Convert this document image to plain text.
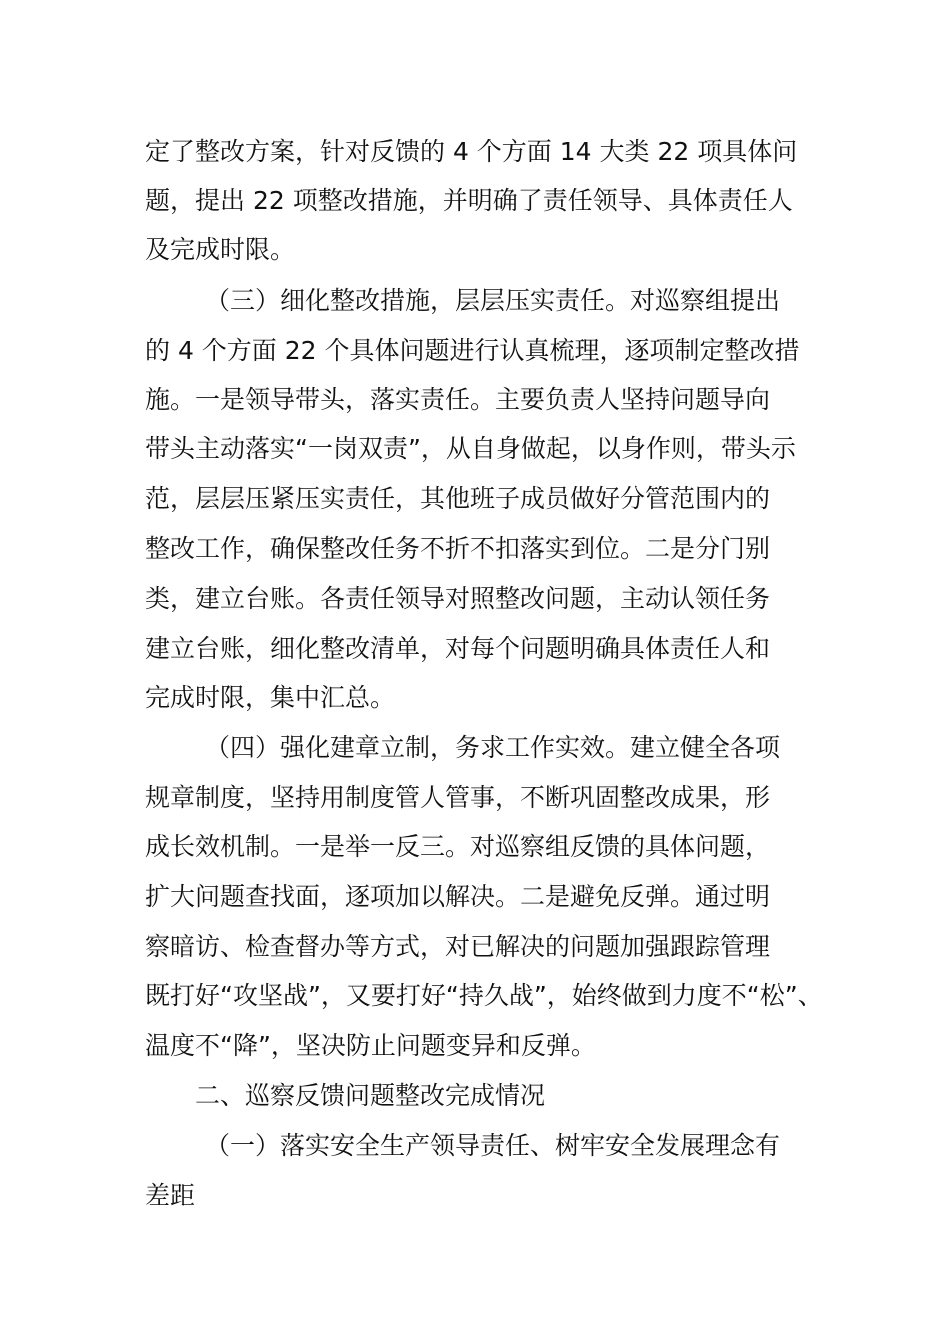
定了整改方案，针对反馈的 4 个方面 14 大类 22 项具体问
题，提出 22 项整改措施，并明确了责任领导、具体责任人
及完成时限。
（三）细化整改措施，层层压实责任。对巡察组提出
的 4 个方面 22 个具体问题进行认真梳理，逐项制定整改措
施。一是领导带头，落实责任。主要负责人坚持问题导向
带头主动落实“一岗双责”，从自身做起，以身作则，带头示
范，层层压紧压实责任，其他班子成员做好分管范围内的
整改工作，确保整改任务不折不扣落实到位。二是分门别
类，建立台账。各责任领导对照整改问题，主动认领任务
建立台账，细化整改清单，对每个问题明确具体责任人和
完成时限，集中汇总。
（四）强化建章立制，务求工作实效。建立健全各项
规章制度，坚持用制度管人管事，不断巩固整改成果，形
成长效机制。一是举一反三。对巡察组反馈的具体问题，
扩大问题查找面，逐项加以解决。二是避免反弹。通过明
察暗访、检查督办等方式，对已解决的问题加强跟踪管理
既打好“攻坚战”，又要打好“持久战”，始终做到力度不“松”、
温度不“降”，坚决防止问题变异和反弹。
二、巡察反馈问题整改完成情况
（一）落实安全生产领导责任、树牢安全发展理念有
差距
